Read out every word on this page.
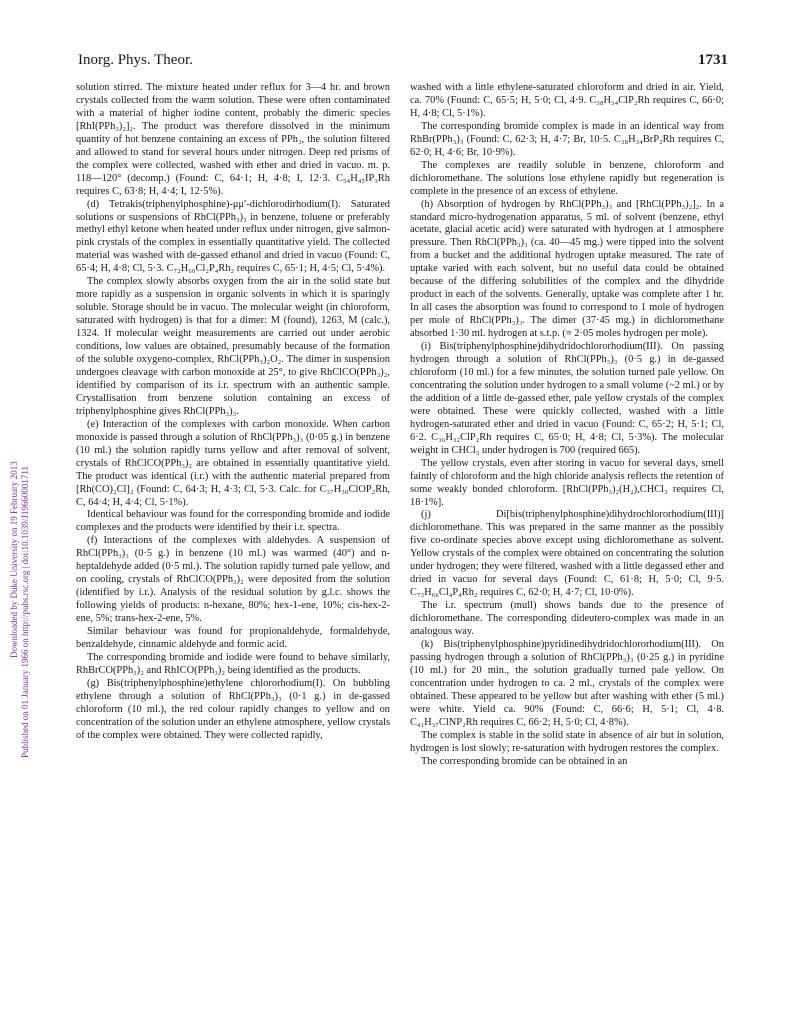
Inorg. Phys. Theor.	1731
Published on 01 January 1966 on http://pubs.rsc.org | doi:10.1039/J19660001711
Downloaded by Duke University on 19 February 2013

solution stirred. The mixture heated under reflux for 3—4 hr. and brown crystals collected from the warm solution. These were often contaminated with a material of higher iodine content, probably the dimeric species [RhI(PPh₃)₂]₂. The product was therefore dissolved in the minimum quantity of hot benzene containing an excess of PPh₃, the solution filtered and allowed to stand for several hours under nitrogen. Deep red prisms of the complex were collected, washed with ether and dried in vacuo. m. p. 118—120° (decomp.) (Found: C, 64·1; H, 4·8; I, 12·3. C₅₄H₄₅IP₃Rh requires C, 63·8; H, 4·4; I, 12·5%).

(d) Tetrakis(triphenylphosphine)-μμ′-dichlorodirhodium(I). Saturated solutions or suspensions of RhCl(PPh₃)₃ in benzene, toluene or preferably methyl ethyl ketone when heated under reflux under nitrogen, give salmon-pink crystals of the complex in essentially quantitative yield. The collected material was washed with de-gassed ethanol and dried in vacuo (Found: C, 65·4; H, 4·8; Cl, 5·3. C₇₂H₆₀Cl₂P₄Rh₂ requires C, 65·1; H, 4·5; Cl, 5·4%).

The complex slowly absorbs oxygen from the air in the solid state but more rapidly as a suspension in organic solvents in which it is sparingly soluble. Storage should be in vacuo. The molecular weight (in chloroform, saturated with hydrogen) is that for a dimer: M (found), 1263, M (calc.), 1324. If molecular weight measurements are carried out under aerobic conditions, low values are obtained, presumably because of the formation of the soluble oxygeno-complex, RhCl(PPh₃)₂O₂. The dimer in suspension undergoes cleavage with carbon monoxide at 25°, to give RhClCO(PPh₃)₂, identified by comparison of its i.r. spectrum with an authentic sample. Crystallisation from benzene solution containing an excess of triphenylphosphine gives RhCl(PPh₃)₃.

(e) Interaction of the complexes with carbon monoxide. When carbon monoxide is passed through a solution of RhCl(PPh₃)₃ (0·05 g.) in benzene (10 ml.) the solution rapidly turns yellow and after removal of solvent, crystals of RhClCO(PPh₃)₂ are obtained in essentially quantitative yield. The product was identical (i.r.) with the authentic material prepared from [Rh(CO)₂Cl]₂ (Found: C, 64·3; H, 4·3; Cl, 5·3. Calc. for C₃₇H₃₀ClOP₂Rh, C, 64·4; H, 4·4; Cl, 5·1%).

Identical behaviour was found for the corresponding bromide and iodide complexes and the products were identified by their i.r. spectra.

(f) Interactions of the complexes with aldehydes. A suspension of RhCl(PPh₃)₃ (0·5 g.) in benzene (10 ml.) was warmed (40°) and n-heptaldehyde added (0·5 ml.). The solution rapidly turned pale yellow, and on cooling, crystals of RhClCO(PPh₃)₂ were deposited from the solution (identified by i.r.). Analysis of the residual solution by g.l.c. shows the following yields of products: n-hexane, 80%; hex-1-ene, 10%; cis-hex-2-ene, 5%; trans-hex-2-ene, 5%.

Similar behaviour was found for propionaldehyde, formaldehyde, benzaldehyde, cinnamic aldehyde and formic acid.

The corresponding bromide and iodide were found to behave similarly, RhBrCO(PPh₃)₂ and RhICO(PPh₃)₂ being identified as the products.

(g) Bis(triphenylphosphine)ethylene chlororhodium(I). On bubbling ethylene through a solution of RhCl(PPh₃)₃ (0·1 g.) in de-gassed chloroform (10 ml.), the red colour rapidly changes to yellow and on concentration of the solution under an ethylene atmosphere, yellow crystals of the complex were obtained. They were collected rapidly,

washed with a little ethylene-saturated chloroform and dried in air. Yield, ca. 70% (Found: C, 65·5; H, 5·0; Cl, 4·9. C₃₈H₃₄ClP₂Rh requires C, 66·0; H, 4·8; Cl, 5·1%).

The corresponding bromide complex is made in an identical way from RhBr(PPh₃)₃ (Found: C, 62·3; H, 4·7; Br, 10·5. C₃₈H₃₄BrP₂Rh requires C, 62·0; H, 4·6; Br, 10·9%).

The complexes are readily soluble in benzene, chloroform and dichloromethane. The solutions lose ethylene rapidly but regeneration is complete in the presence of an excess of ethylene.

(h) Absorption of hydrogen by RhCl(PPh₃)₃ and [RhCl(PPh₃)₂]₂. In a standard micro-hydrogenation apparatus, 5 ml. of solvent (benzene, ethyl acetate, glacial acetic acid) were saturated with hydrogen at 1 atmosphere pressure. Then RhCl(PPh₃)₃ (ca. 40—45 mg.) were tipped into the solvent from a bucket and the additional hydrogen uptake measured. The rate of uptake varied with each solvent, but no useful data could be obtained because of the differing solubilities of the complex and the dihydride product in each of the solvents. Generally, uptake was complete after 1 hr. In all cases the absorption was found to correspond to 1 mole of hydrogen per mole of RhCl(PPh₃)₃. The dimer (37·45 mg.) in dichloromethane absorbed 1·30 ml. hydrogen at s.t.p. (≡ 2·05 moles hydrogen per mole).

(i) Bis(triphenylphosphine)dihydridochlororhodium(III). On passing hydrogen through a solution of RhCl(PPh₃)₃ (0·5 g.) in de-gassed chloroform (10 ml.) for a few minutes, the solution turned pale yellow. On concentrating the solution under hydrogen to a small volume (~2 ml.) or by the addition of a little de-gassed ether, pale yellow crystals of the complex were obtained. These were quickly collected, washed with a little hydrogen-saturated ether and dried in vacuo (Found: C, 65·2; H, 5·1; Cl, 6·2. C₃₆H₃₂ClP₂Rh requires C, 65·0; H, 4·8; Cl, 5·3%). The molecular weight in CHCl₃ under hydrogen is 700 (required 665).

The yellow crystals, even after storing in vacuo for several days, smell faintly of chloroform and the high chloride analysis reflects the retention of some weakly bonded chloroform. [RhCl(PPh₃)₂(H₂),CHCl₃ requires Cl, 18·1%].

(j) Di[bis(triphenylphosphine)dihydrochlororhodium(III)] dichloromethane. This was prepared in the same manner as the possibly five co-ordinate species above except using dichloromethane as solvent. Yellow crystals of the complex were obtained on concentrating the solution under hydrogen; they were filtered, washed with a little degassed ether and dried in vacuo for several days (Found: C, 61·8; H, 5·0; Cl, 9·5. C₇₃H₆₆Cl₄P₄Rh₂ requires C, 62·0; H, 4·7; Cl, 10·0%).

The i.r. spectrum (mull) shows bands due to the presence of dichloromethane. The corresponding dideutero-complex was made in an analogous way.

(k) Bis(triphenylphosphine)pyridinedihydridochlororhodium(III). On passing hydrogen through a solution of RhCl(PPh₃)₃ (0·25 g.) in pyridine (10 ml.) for 20 min., the solution gradually turned pale yellow. On concentration under hydrogen to ca. 2 ml., crystals of the complex were obtained. These appeared to be yellow but after washing with ether (5 ml.) were white. Yield ca. 90% (Found: C, 66·6; H, 5·1; Cl, 4·8. C₄₁H₃₇ClNP₂Rh requires C, 66·2; H, 5·0; Cl, 4·8%).

The complex is stable in the solid state in absence of air but in solution, hydrogen is lost slowly; re-saturation with hydrogen restores the complex.

The corresponding bromide can be obtained in an
